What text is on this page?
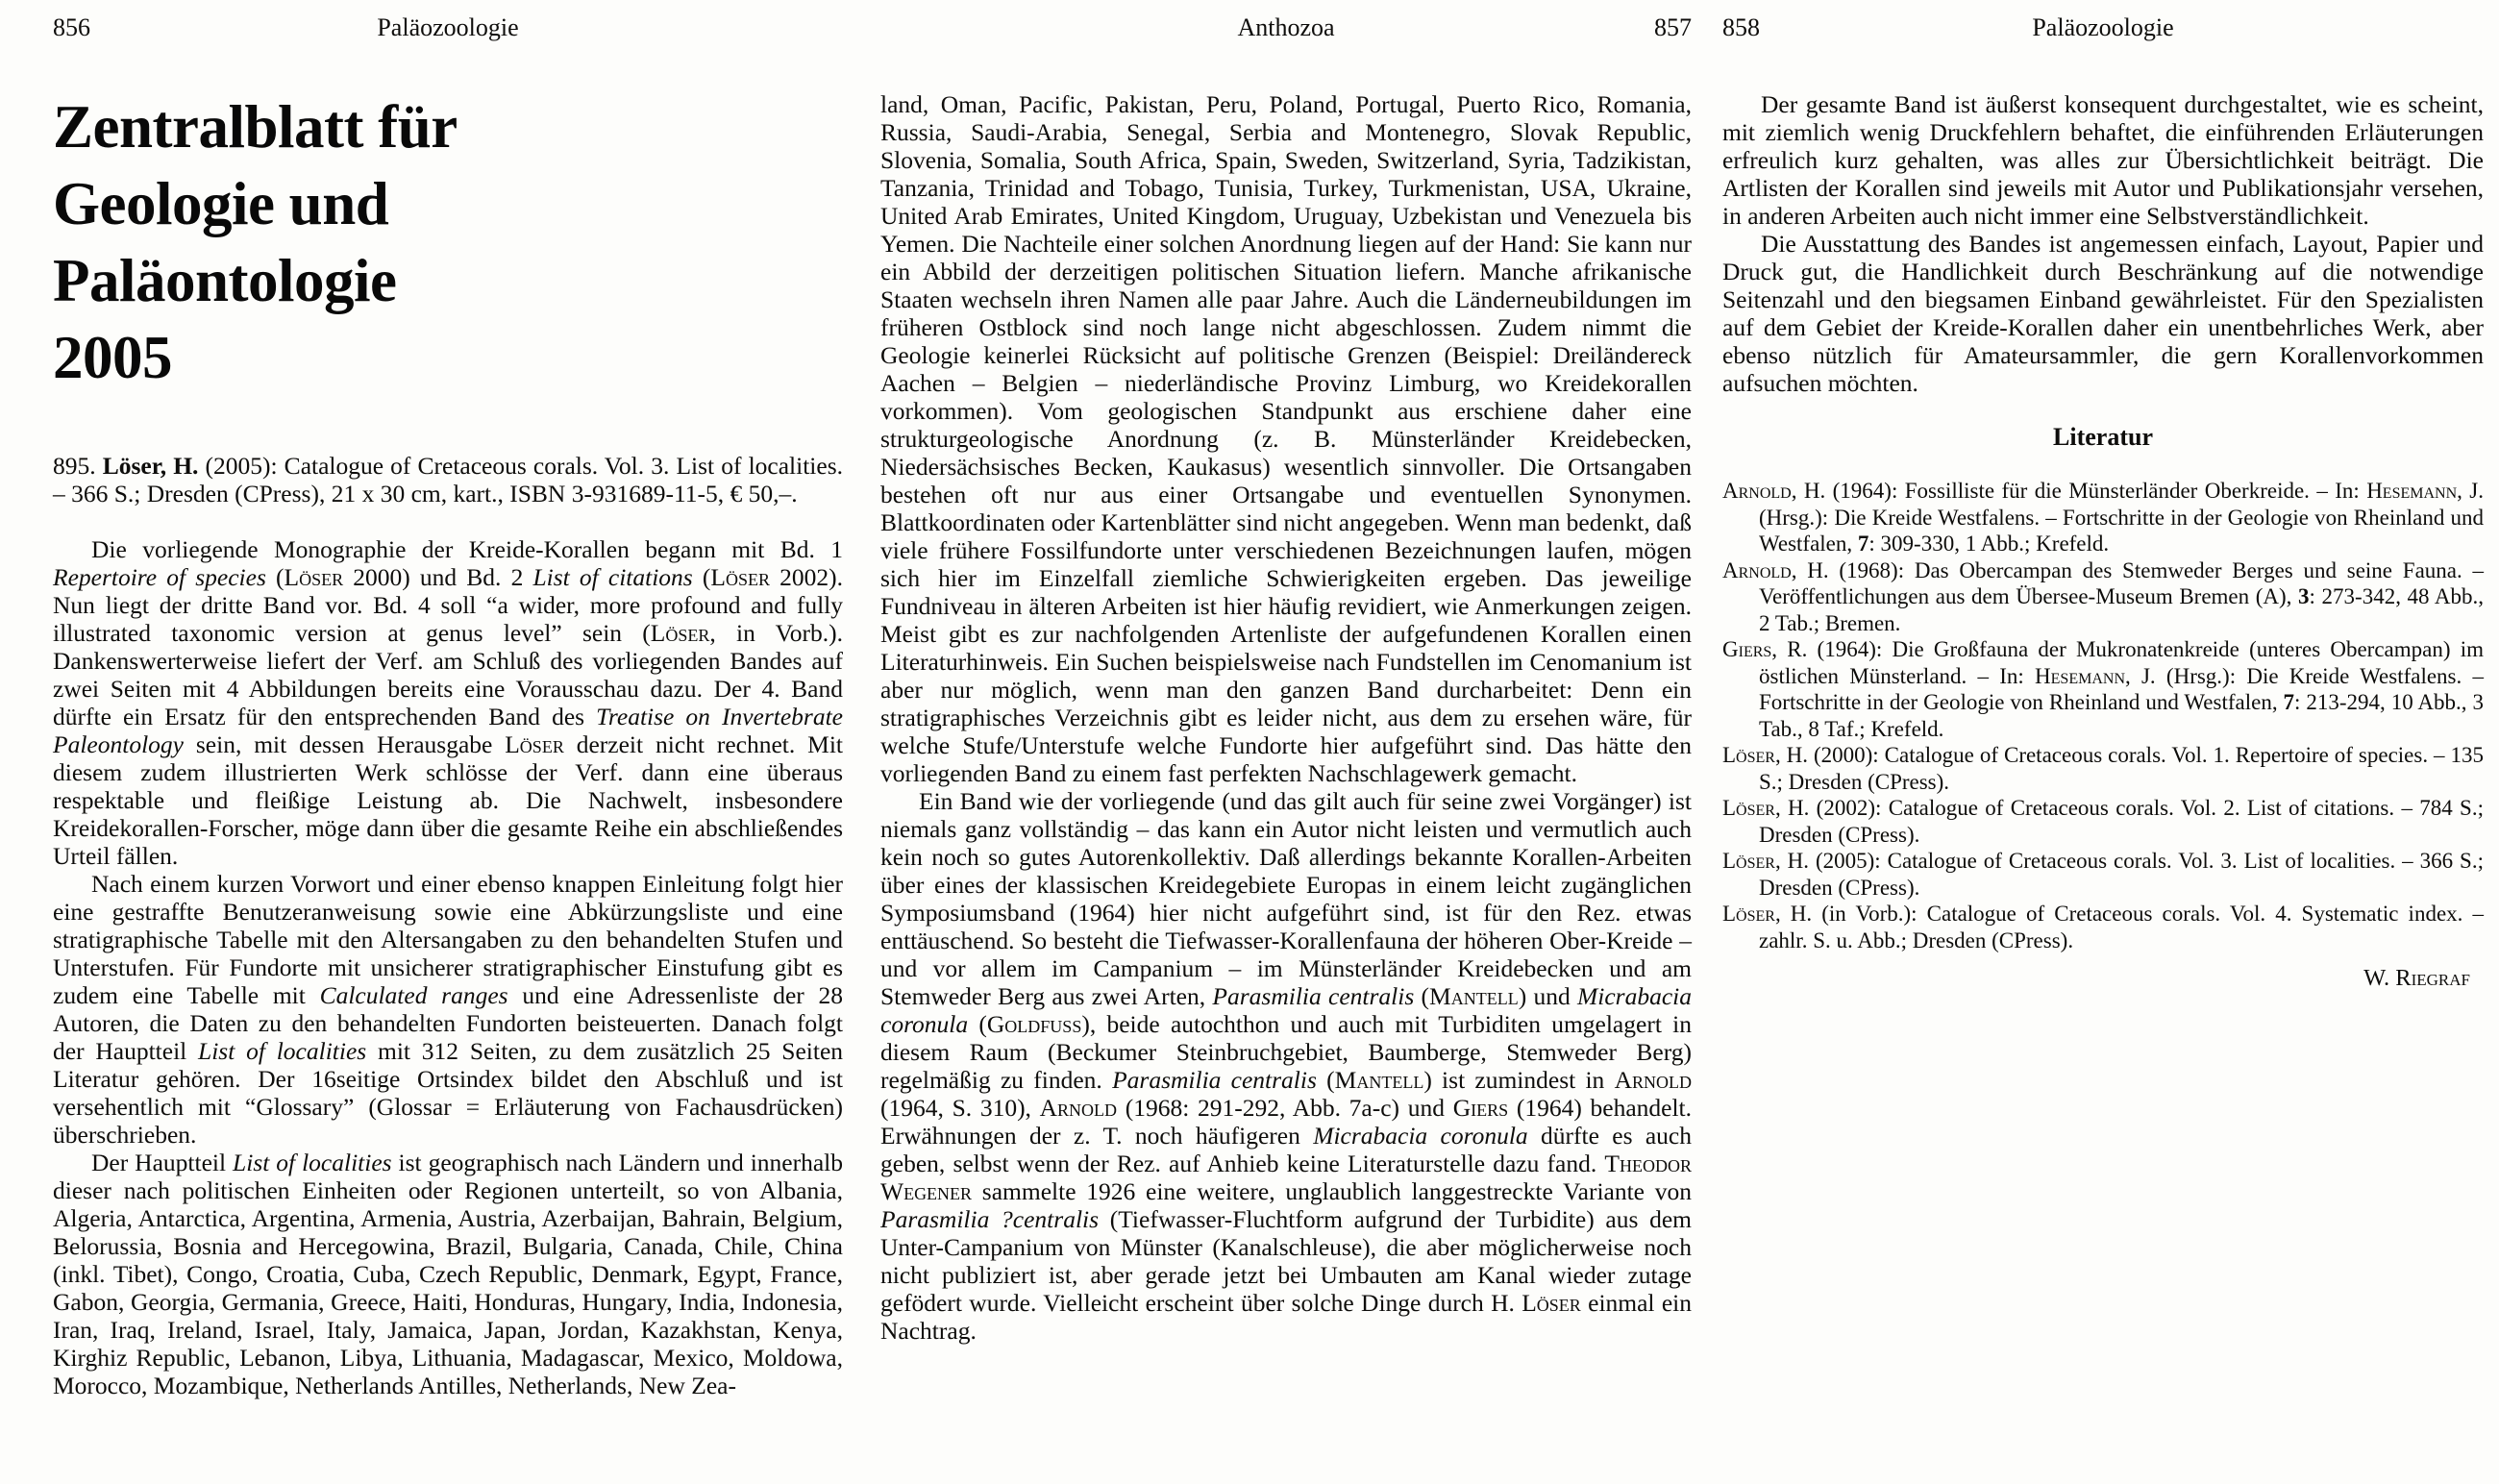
856	Paläozoologie
Zentralblatt für
Geologie und
Paläontologie
2005
895. Löser, H. (2005): Catalogue of Cretaceous corals. Vol. 3. List of localities. – 366 S.; Dresden (CPress), 21 x 30 cm, kart., ISBN 3-931689-11-5, € 50,–.
Die vorliegende Monographie der Kreide-Korallen begann mit Bd. 1 Repertoire of species (Löser 2000) und Bd. 2 List of citations (Löser 2002). Nun liegt der dritte Band vor. Bd. 4 soll “a wider, more profound and fully illustrated taxonomic version at genus level” sein (Löser, in Vorb.). Dankenswerterweise liefert der Verf. am Schluß des vorliegenden Bandes auf zwei Seiten mit 4 Abbildungen bereits eine Vorausschau dazu. Der 4. Band dürfte ein Ersatz für den entsprechenden Band des Treatise on Invertebrate Paleontology sein, mit dessen Herausgabe Löser derzeit nicht rechnet. Mit diesem zudem illustrierten Werk schlösse der Verf. dann eine überaus respektable und fleißige Leistung ab. Die Nachwelt, insbesondere Kreidekorallen-Forscher, möge dann über die gesamte Reihe ein abschließendes Urteil fällen.
Nach einem kurzen Vorwort und einer ebenso knappen Einleitung folgt hier eine gestraffte Benutzeranweisung sowie eine Abkürzungsliste und eine stratigraphische Tabelle mit den Altersangaben zu den behandelten Stufen und Unterstufen. Für Fundorte mit unsicherer stratigraphischer Einstufung gibt es zudem eine Tabelle mit Calculated ranges und eine Adressenliste der 28 Autoren, die Daten zu den behandelten Fundorten beisteuerten. Danach folgt der Hauptteil List of localities mit 312 Seiten, zu dem zusätzlich 25 Seiten Literatur gehören. Der 16seitige Ortsindex bildet den Abschluß und ist versehentlich mit “Glossary” (Glossar = Erläuterung von Fachausdrücken) überschrieben.
Der Hauptteil List of localities ist geographisch nach Ländern und innerhalb dieser nach politischen Einheiten oder Regionen unterteilt, so von Albania, Algeria, Antarctica, Argentina, Armenia, Austria, Azerbaijan, Bahrain, Belgium, Belorussia, Bosnia and Hercegowina, Brazil, Bulgaria, Canada, Chile, China (inkl. Tibet), Congo, Croatia, Cuba, Czech Republic, Denmark, Egypt, France, Gabon, Georgia, Germania, Greece, Haiti, Honduras, Hungary, India, Indonesia, Iran, Iraq, Ireland, Israel, Italy, Jamaica, Japan, Jordan, Kazakhstan, Kenya, Kirghiz Republic, Lebanon, Libya, Lithuania, Madagascar, Mexico, Moldowa, Morocco, Mozambique, Netherlands Antilles, Netherlands, New Zea-
Anthozoa	857
land, Oman, Pacific, Pakistan, Peru, Poland, Portugal, Puerto Rico, Romania, Russia, Saudi-Arabia, Senegal, Serbia and Montenegro, Slovak Republic, Slovenia, Somalia, South Africa, Spain, Sweden, Switzerland, Syria, Tadzikistan, Tanzania, Trinidad and Tobago, Tunisia, Turkey, Turkmenistan, USA, Ukraine, United Arab Emirates, United Kingdom, Uruguay, Uzbekistan und Venezuela bis Yemen. Die Nachteile einer solchen Anordnung liegen auf der Hand: Sie kann nur ein Abbild der derzeitigen politischen Situation liefern. Manche afrikanische Staaten wechseln ihren Namen alle paar Jahre. Auch die Länderneubildungen im früheren Ostblock sind noch lange nicht abgeschlossen. Zudem nimmt die Geologie keinerlei Rücksicht auf politische Grenzen (Beispiel: Dreiländereck Aachen – Belgien – niederländische Provinz Limburg, wo Kreidekorallen vorkommen). Vom geologischen Standpunkt aus erschiene daher eine strukturgeologische Anordnung (z. B. Münsterländer Kreidebecken, Niedersächsisches Becken, Kaukasus) wesentlich sinnvoller. Die Ortsangaben bestehen oft nur aus einer Ortsangabe und eventuellen Synonymen. Blattkoordinaten oder Kartenblätter sind nicht angegeben. Wenn man bedenkt, daß viele frühere Fossilfundorte unter verschiedenen Bezeichnungen laufen, mögen sich hier im Einzelfall ziemliche Schwierigkeiten ergeben. Das jeweilige Fundniveau in älteren Arbeiten ist hier häufig revidiert, wie Anmerkungen zeigen. Meist gibt es zur nachfolgenden Artenliste der aufgefundenen Korallen einen Literaturhinweis. Ein Suchen beispielsweise nach Fundstellen im Cenomanium ist aber nur möglich, wenn man den ganzen Band durcharbeitet: Denn ein stratigraphisches Verzeichnis gibt es leider nicht, aus dem zu ersehen wäre, für welche Stufe/Unterstufe welche Fundorte hier aufgeführt sind. Das hätte den vorliegenden Band zu einem fast perfekten Nachschlagewerk gemacht.
Ein Band wie der vorliegende (und das gilt auch für seine zwei Vorgänger) ist niemals ganz vollständig – das kann ein Autor nicht leisten und vermutlich auch kein noch so gutes Autorenkollektiv. Daß allerdings bekannte Korallen-Arbeiten über eines der klassischen Kreidegebiete Europas in einem leicht zugänglichen Symposiumsband (1964) hier nicht aufgeführt sind, ist für den Rez. etwas enttäuschend. So besteht die Tiefwasser-Korallenfauna der höheren Ober-Kreide – und vor allem im Campanium – im Münsterländer Kreidebecken und am Stemweder Berg aus zwei Arten, Parasmilia centralis (Mantell) und Micrabacia coronula (Goldfuss), beide autochthon und auch mit Turbiditen umgelagert in diesem Raum (Beckumer Steinbruchgebiet, Baumberge, Stemweder Berg) regelmäßig zu finden. Parasmilia centralis (Mantell) ist zumindest in Arnold (1964, S. 310), Arnold (1968: 291-292, Abb. 7a-c) und Giers (1964) behandelt. Erwähnungen der z. T. noch häufigeren Micrabacia coronula dürfte es auch geben, selbst wenn der Rez. auf Anhieb keine Literaturstelle dazu fand. Theodor Wegener sammelte 1926 eine weitere, unglaublich langgestreckte Variante von Parasmilia ?centralis (Tiefwasser-Fluchtform aufgrund der Turbidite) aus dem Unter-Campanium von Münster (Kanalschleuse), die aber möglicherweise noch nicht publiziert ist, aber gerade jetzt bei Umbauten am Kanal wieder zutage gefödert wurde. Vielleicht erscheint über solche Dinge durch H. Löser einmal ein Nachtrag.
858	Paläozoologie
Der gesamte Band ist äußerst konsequent durchgestaltet, wie es scheint, mit ziemlich wenig Druckfehlern behaftet, die einführenden Erläuterungen erfreulich kurz gehalten, was alles zur Übersichtlichkeit beiträgt. Die Artlisten der Korallen sind jeweils mit Autor und Publikationsjahr versehen, in anderen Arbeiten auch nicht immer eine Selbstverständlichkeit.
Die Ausstattung des Bandes ist angemessen einfach, Layout, Papier und Druck gut, die Handlichkeit durch Beschränkung auf die notwendige Seitenzahl und den biegsamen Einband gewährleistet. Für den Spezialisten auf dem Gebiet der Kreide-Korallen daher ein unentbehrliches Werk, aber ebenso nützlich für Amateursammler, die gern Korallenvorkommen aufsuchen möchten.
Literatur
Arnold, H. (1964): Fossilliste für die Münsterländer Oberkreide. – In: Hesemann, J. (Hrsg.): Die Kreide Westfalens. – Fortschritte in der Geologie von Rheinland und Westfalen, 7: 309-330, 1 Abb.; Krefeld.
Arnold, H. (1968): Das Obercampan des Stemweder Berges und seine Fauna. – Veröffentlichungen aus dem Übersee-Museum Bremen (A), 3: 273-342, 48 Abb., 2 Tab.; Bremen.
Giers, R. (1964): Die Großfauna der Mukronatenkreide (unteres Obercampan) im östlichen Münsterland. – In: Hesemann, J. (Hrsg.): Die Kreide Westfalens. – Fortschritte in der Geologie von Rheinland und Westfalen, 7: 213-294, 10 Abb., 3 Tab., 8 Taf.; Krefeld.
Löser, H. (2000): Catalogue of Cretaceous corals. Vol. 1. Repertoire of species. – 135 S.; Dresden (CPress).
Löser, H. (2002): Catalogue of Cretaceous corals. Vol. 2. List of citations. – 784 S.; Dresden (CPress).
Löser, H. (2005): Catalogue of Cretaceous corals. Vol. 3. List of localities. – 366 S.; Dresden (CPress).
Löser, H. (in Vorb.): Catalogue of Cretaceous corals. Vol. 4. Systematic index. – zahlr. S. u. Abb.; Dresden (CPress).
W. Riegraf
